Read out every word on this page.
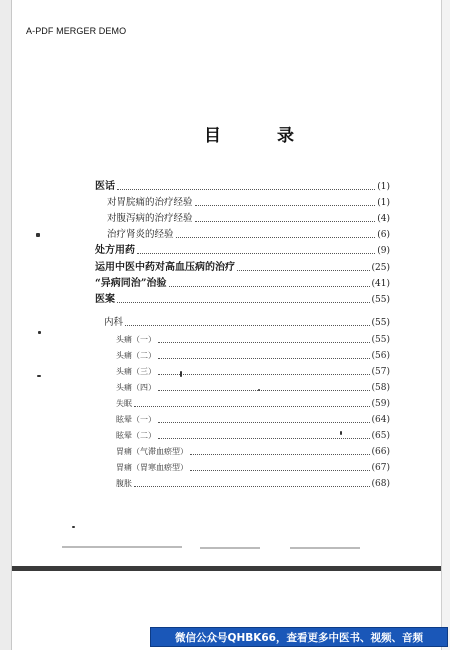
A-PDF MERGER DEMO
目	录
医话	( 1 )
对胃脘痛的治疗经验	( 1 )
对腹泻病的治疗经验	( 4 )
治疗肾炎的经验	( 6 )
处方用药	( 9 )
运用中医中药对高血压病的治疗	( 25 )
“异病同治”治验	( 41 )
医案	( 55 )
内科	( 55 )
头痛（一）	( 55 )
头痛（二）	( 56 )
头痛（三）	( 57 )
头痛（四）	( 58 )
失眠	( 59 )
眩晕（一）	( 64 )
眩晕（二）	( 65 )
胃痛（气滞血瘀型）	( 66 )
胃痛（胃寒血瘀型）	( 67 )
腹胀	( 68 )
微信公众号QHBK66，查看更多中医书、视频、音频
